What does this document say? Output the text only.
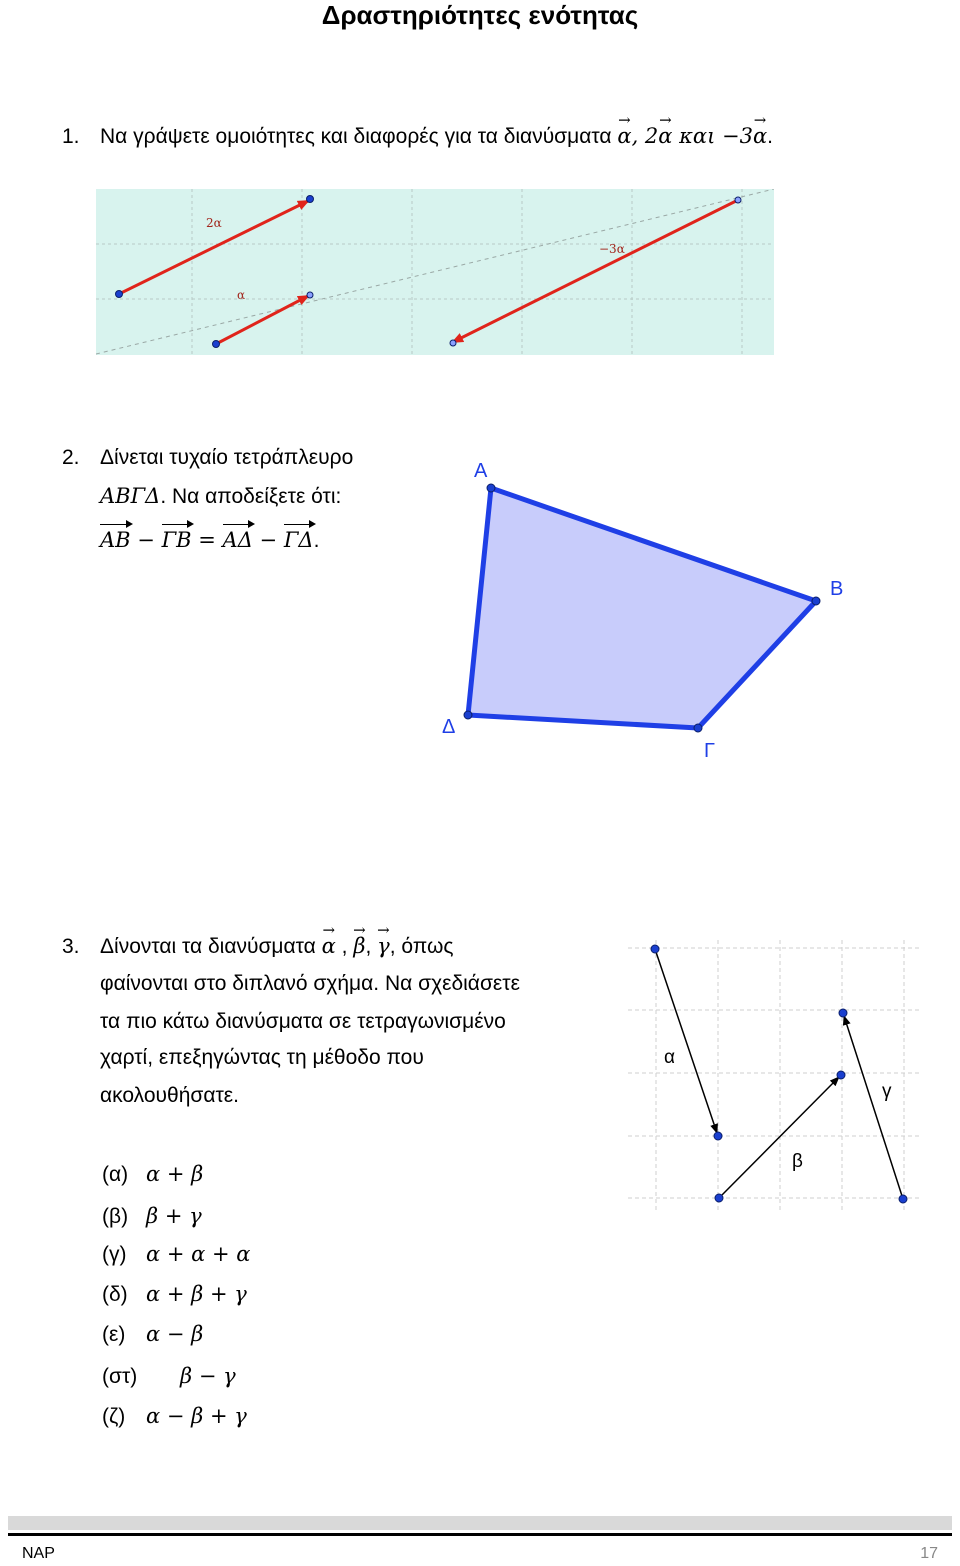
Δραστηριότητες ενότητας
1. Να γράψετε ομοιότητες και διαφορές για τα διανύσματα → α, 2→ α και −3→ α.
2α
α
−3α
2. Δίνεται τυχαίο τετράπλευρο
ΑΒΓΔ. Να αποδείξετε ότι:
ΑΒ − ΓΒ = ΑΔ − ΓΔ.
Α
Β
Γ
Δ
3. Δίνονται τα διανύσματα → α , → β, → γ, όπως
φαίνονται στο διπλανό σχήμα. Να σχεδιάσετε
τα πιο κάτω διανύσματα σε τετραγωνισμένο
χαρτί, επεξηγώντας τη μέθοδο που
ακολουθήσατε.
(α) α + β
(β) β + γ
(γ) α + α + α
(δ) α + β + γ
(ε) α − β
(στ) β − γ
(ζ) α − β + γ
α
β
γ
ΝΑΡ	17
